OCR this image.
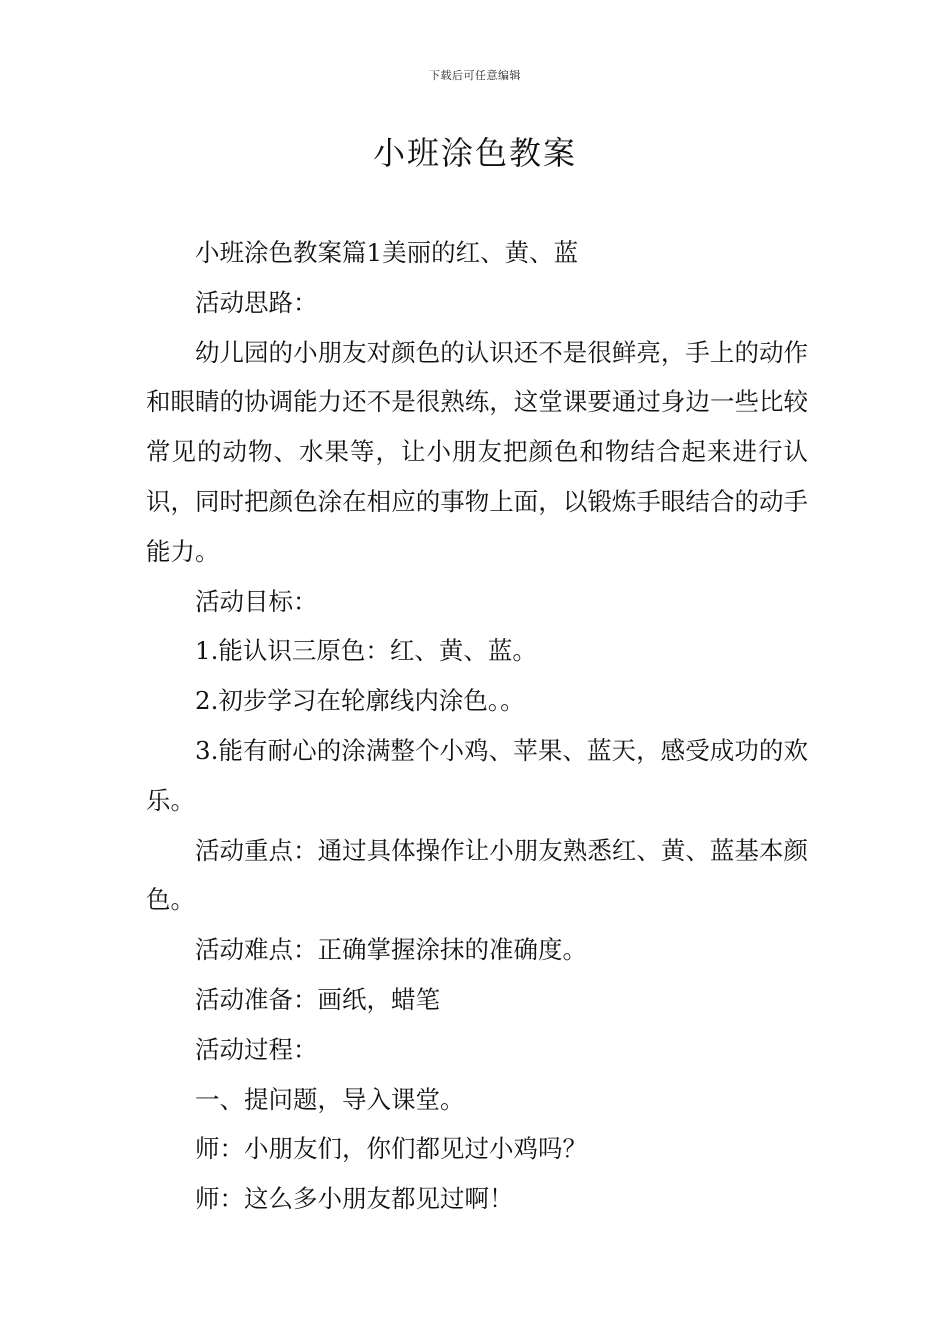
下载后可任意编辑
小班涂色教案

小班涂色教案篇1美丽的红、黄、蓝

活动思路：

幼儿园的小朋友对颜色的认识还不是很鲜亮，手上的动作和眼睛的协调能力还不是很熟练，这堂课要通过身边一些比较常见的动物、水果等，让小朋友把颜色和物结合起来进行认识，同时把颜色涂在相应的事物上面，以锻炼手眼结合的动手能力。

活动目标：

1.能认识三原色：红、黄、蓝。

2.初步学习在轮廓线内涂色。。

3.能有耐心的涂满整个小鸡、苹果、蓝天，感受成功的欢乐。

活动重点：通过具体操作让小朋友熟悉红、黄、蓝基本颜色。

活动难点：正确掌握涂抹的准确度。

活动准备：画纸，蜡笔

活动过程：

一、提问题，导入课堂。

师：小朋友们，你们都见过小鸡吗？

师：这么多小朋友都见过啊！
